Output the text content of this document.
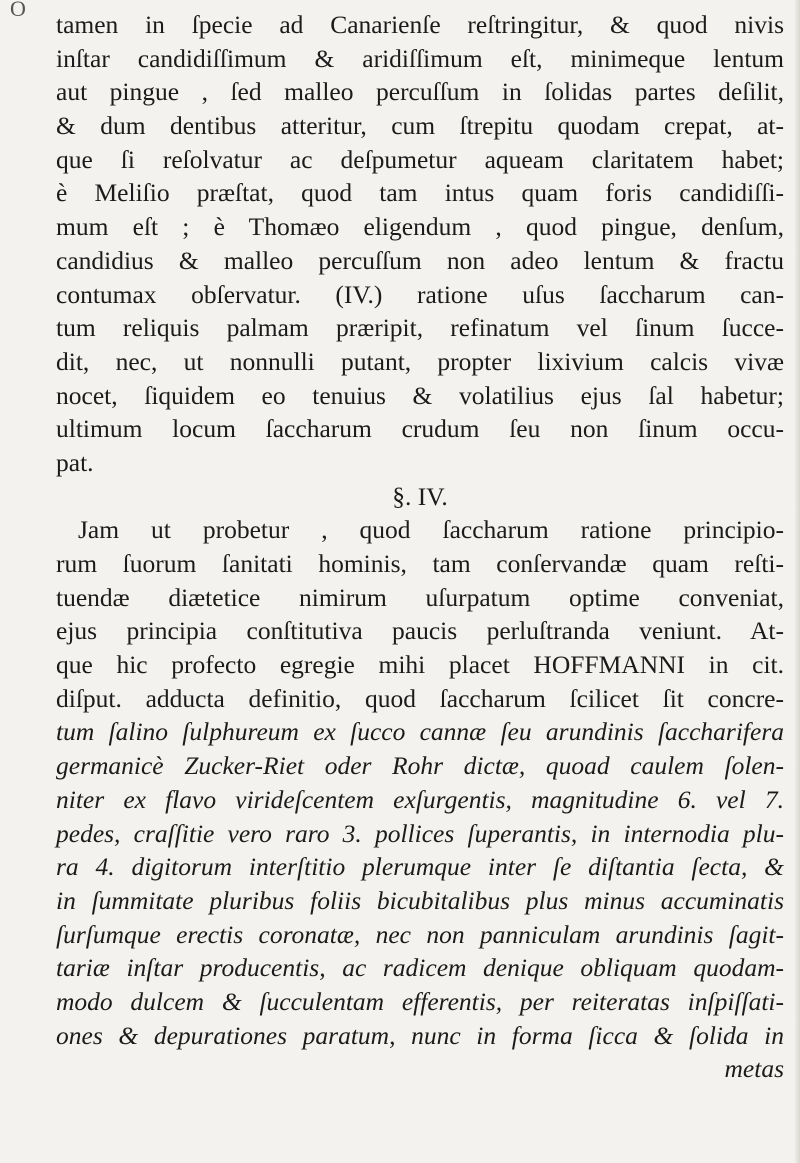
O
tamen in ſpecie ad Canarienſe reſtringitur, & quod nivis
inſtar candidiſſimum & aridiſſimum eſt, minimeque lentum
aut pingue , ſed malleo percuſſum in ſolidas partes deſilit,
& dum dentibus atteritur, cum ſtrepitu quodam crepat, at-
que ſi reſolvatur ac deſpumetur aqueam claritatem habet;
è Meliſio præſtat, quod tam intus quam foris candidiſſi-
mum eſt ; è Thomæo eligendum , quod pingue, denſum,
candidius & malleo percuſſum non adeo lentum & fractu
contumax obſervatur. (IV.) ratione uſus ſaccharum can-
tum reliquis palmam præripit, refinatum vel ſinum ſucce-
dit, nec, ut nonnulli putant, propter lixivium calcis vivæ
nocet, ſiquidem eo tenuius & volatilius ejus ſal habetur;
ultimum locum ſaccharum crudum ſeu non ſinum occu-
pat.
§. IV.
Jam ut probetur , quod ſaccharum ratione principio-
rum ſuorum ſanitati hominis, tam conſervandæ quam reſti-
tuendæ diætetice nimirum uſurpatum optime conveniat,
ejus principia conſtitutiva paucis perluſtranda veniunt. At-
que hic profecto egregie mihi placet HOFFMANNI in cit.
diſput. adducta definitio, quod ſaccharum ſcilicet ſit concre-
tum ſalino ſulphureum ex ſucco cannæ ſeu arundinis ſaccharifera
germanicè Zucker-Riet oder Rohr dictæ, quoad caulem ſolen-
niter ex flavo virideſcentem exſurgentis, magnitudine 6. vel 7.
pedes, craſſitie vero raro 3. pollices ſuperantis, in internodia plu-
ra 4. digitorum interſtitio plerumque inter ſe diſtantia ſecta, &
in ſummitate pluribus foliis bicubitalibus plus minus accuminatis
ſurſumque erectis coronatæ, nec non panniculam arundinis ſagit-
tariæ inſtar producentis, ac radicem denique obliquam quodam-
modo dulcem & ſucculentam efferentis, per reiteratas inſpiſſati-
ones & depurationes paratum, nunc in forma ſicca & ſolida in
metas
